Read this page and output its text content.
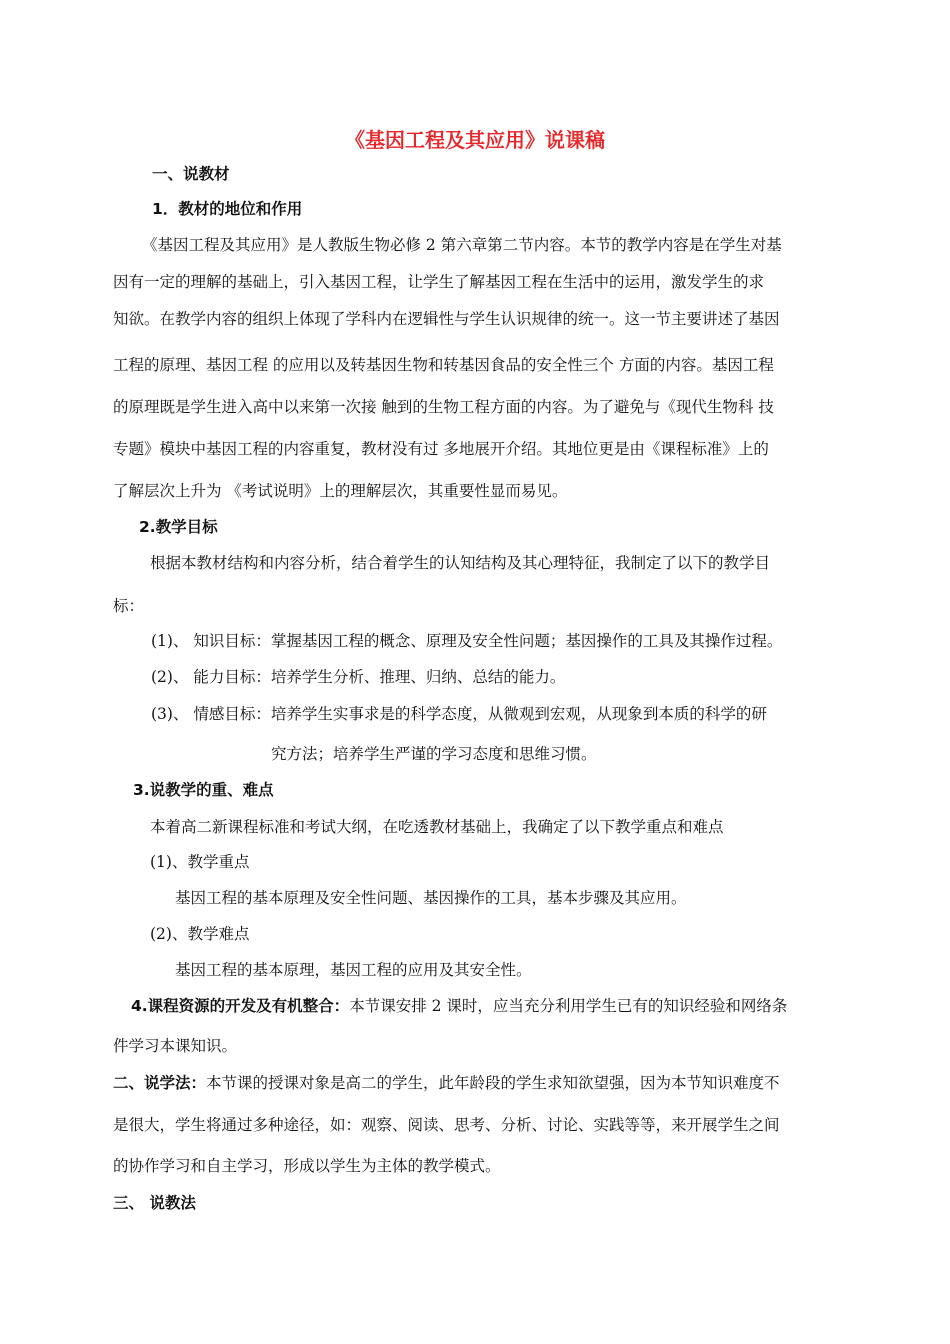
《基因工程及其应用》说课稿
一、说教材
1．教材的地位和作用
《基因工程及其应用》是人教版生物必修 2 第六章第二节内容。本节的教学内容是在学生对基
因有一定的理解的基础上，引入基因工程，让学生了解基因工程在生活中的运用，激发学生的求
知欲。在教学内容的组织上体现了学科内在逻辑性与学生认识规律的统一。这一节主要讲述了基因
工程的原理、基因工程 的应用以及转基因生物和转基因食品的安全性三个 方面的内容。基因工程
的原理既是学生进入高中以来第一次接 触到的生物工程方面的内容。为了避免与《现代生物科 技
专题》模块中基因工程的内容重复，教材没有过 多地展开介绍。其地位更是由《课程标准》上的
了解层次上升为 《考试说明》上的理解层次，其重要性显而易见。
2.教学目标
根据本教材结构和内容分析，结合着学生的认知结构及其心理特征，我制定了以下的教学目
标：
(1)、 知识目标：掌握基因工程的概念、原理及安全性问题；基因操作的工具及其操作过程。
(2)、 能力目标：培养学生分析、推理、归纳、总结的能力。
(3)、 情感目标：培养学生实事求是的科学态度，从微观到宏观，从现象到本质的科学的研
究方法；培养学生严谨的学习态度和思维习惯。
3.说教学的重、难点
本着高二新课程标准和考试大纲，在吃透教材基础上，我确定了以下教学重点和难点
(1)、教学重点
基因工程的基本原理及安全性问题、基因操作的工具，基本步骤及其应用。
(2)、教学难点
基因工程的基本原理，基因工程的应用及其安全性。
4.课程资源的开发及有机整合：本节课安排 2 课时，应当充分利用学生已有的知识经验和网络条
件学习本课知识。
二、说学法：本节课的授课对象是高二的学生，此年龄段的学生求知欲望强，因为本节知识难度不
是很大，学生将通过多种途径，如：观察、阅读、思考、分析、讨论、实践等等，来开展学生之间
的协作学习和自主学习，形成以学生为主体的教学模式。
三、 说教法
